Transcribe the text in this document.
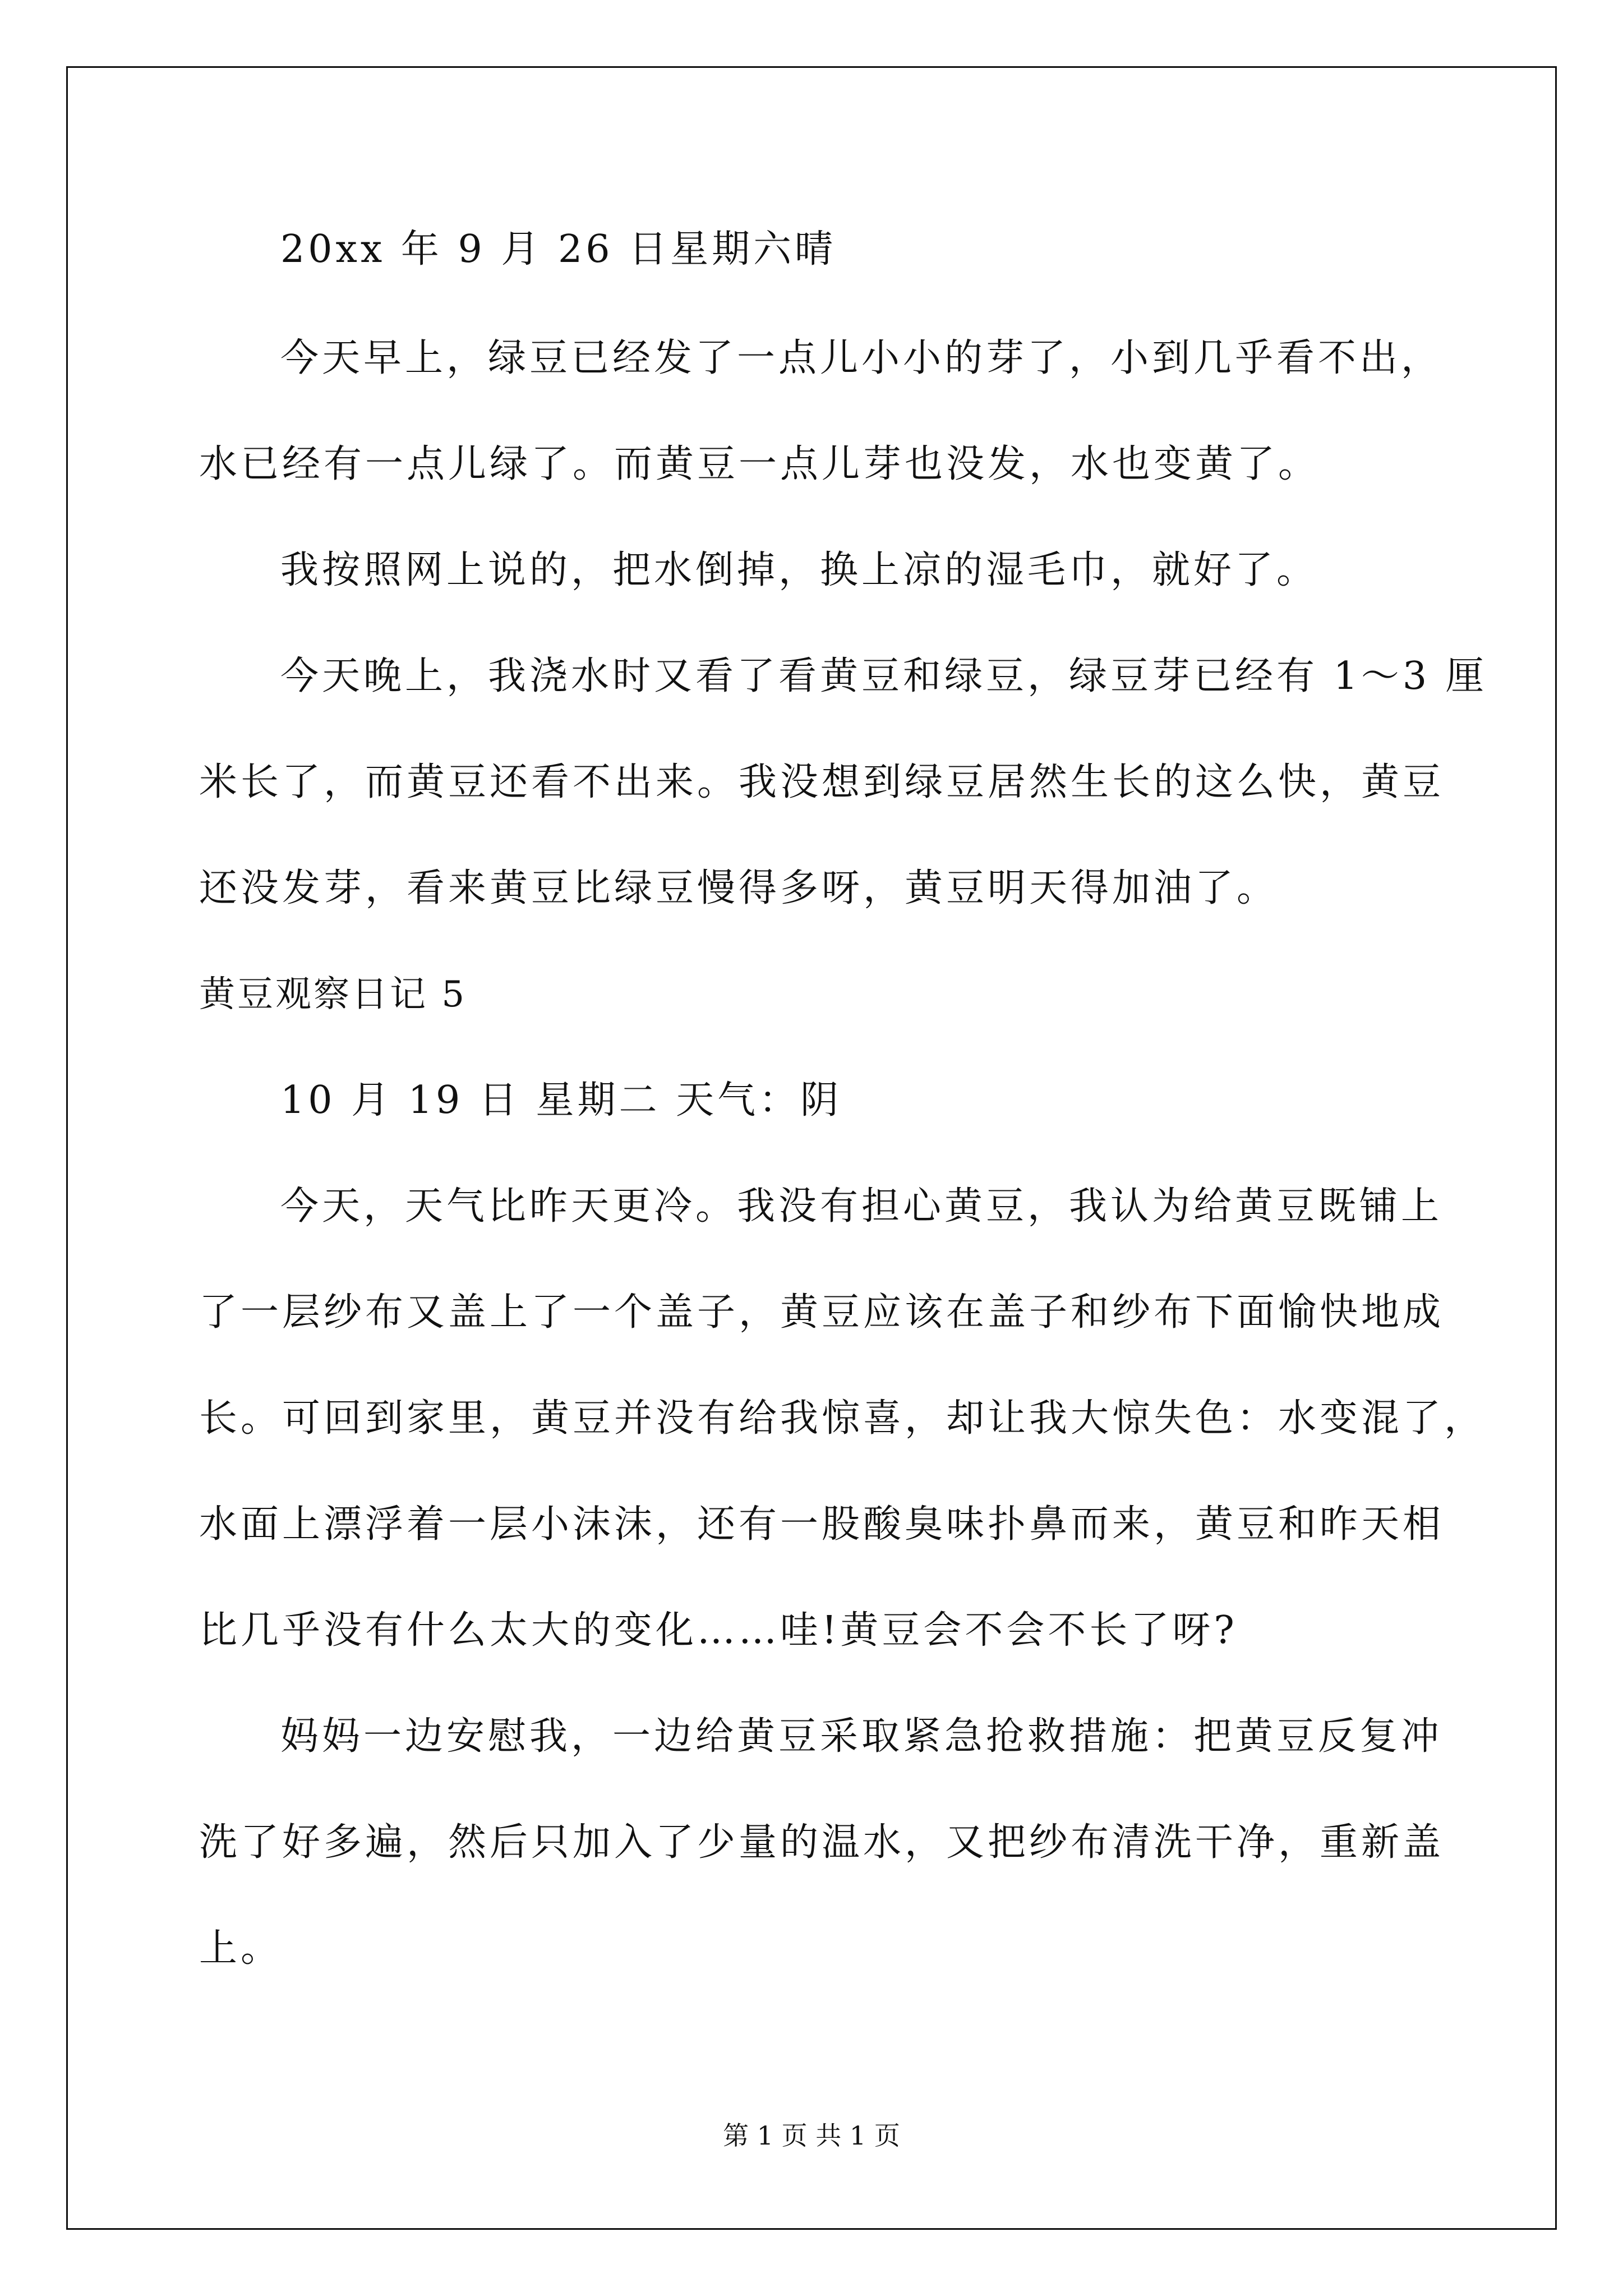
20xx 年 9 月 26 日星期六晴
今天早上，绿豆已经发了一点儿小小的芽了，小到几乎看不出，
水已经有一点儿绿了。而黄豆一点儿芽也没发，水也变黄了。
我按照网上说的，把水倒掉，换上凉的湿毛巾，就好了。
今天晚上，我浇水时又看了看黄豆和绿豆，绿豆芽已经有 1～3 厘
米长了，而黄豆还看不出来。我没想到绿豆居然生长的这么快，黄豆
还没发芽，看来黄豆比绿豆慢得多呀，黄豆明天得加油了。
黄豆观察日记 5
10 月 19 日 星期二 天气：阴
今天，天气比昨天更冷。我没有担心黄豆，我认为给黄豆既铺上
了一层纱布又盖上了一个盖子，黄豆应该在盖子和纱布下面愉快地成
长。可回到家里，黄豆并没有给我惊喜，却让我大惊失色：水变混了，
水面上漂浮着一层小沫沫，还有一股酸臭味扑鼻而来，黄豆和昨天相
比几乎没有什么太大的变化……哇!黄豆会不会不长了呀?
妈妈一边安慰我，一边给黄豆采取紧急抢救措施：把黄豆反复冲
洗了好多遍，然后只加入了少量的温水，又把纱布清洗干净，重新盖
上。
第 1 页 共 1 页
